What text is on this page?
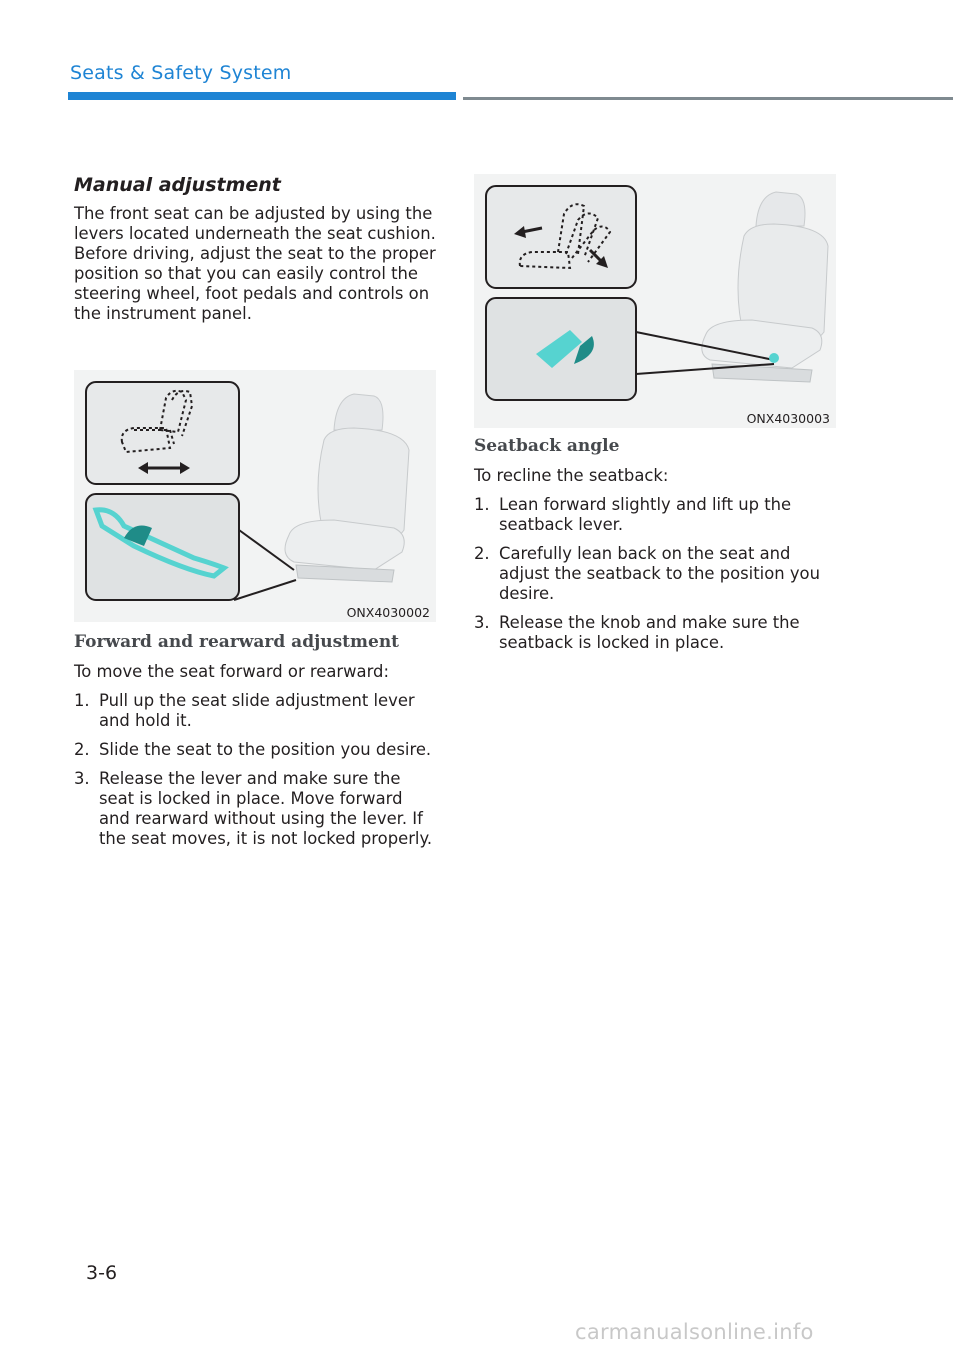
Seats & Safety System
Manual adjustment

The front seat can be adjusted by using the levers located underneath the seat cushion. Before driving, adjust the seat to the proper position so that you can easily control the steering wheel, foot pedals and controls on the instrument panel.

ONX4030002
Forward and rearward adjustment

To move the seat forward or rearward:

1. Pull up the seat slide adjustment lever and hold it.
2. Slide the seat to the position you desire.
3. Release the lever and make sure the seat is locked in place. Move forward and rearward without using the lever. If the seat moves, it is not locked properly.
ONX4030003
Seatback angle

To recline the seatback:

1. Lean forward slightly and lift up the seatback lever.
2. Carefully lean back on the seat and adjust the seatback to the position you desire.
3. Release the knob and make sure the seatback is locked in place.
3-6
carmanualsonline.info
